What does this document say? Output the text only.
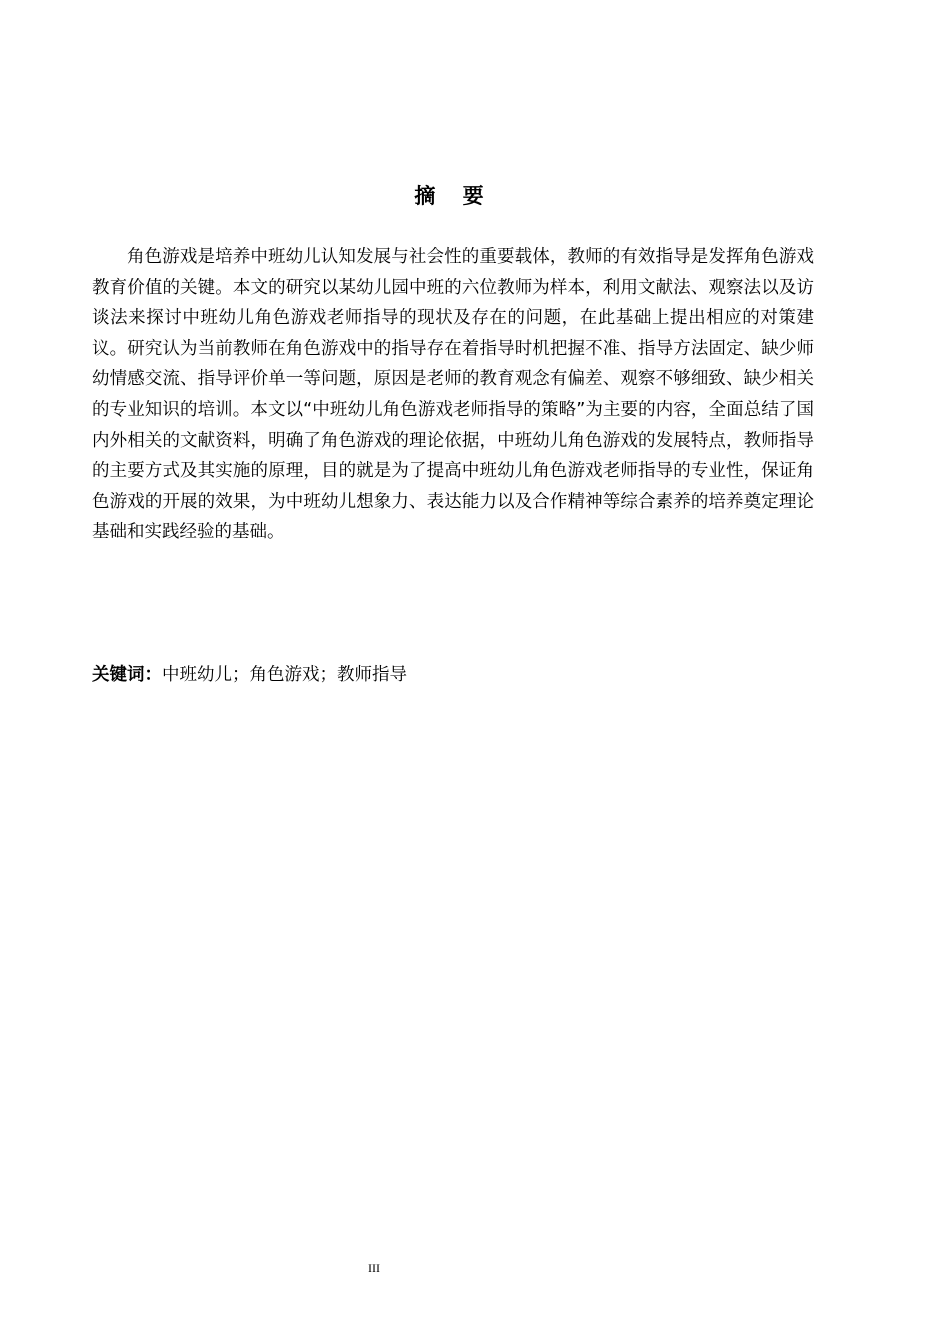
摘 要

角色游戏是培养中班幼儿认知发展与社会性的重要载体，教师的有效指导是发挥角色游戏教育价值的关键。本文的研究以某幼儿园中班的六位教师为样本，利用文献法、观察法以及访谈法来探讨中班幼儿角色游戏老师指导的现状及存在的问题，在此基础上提出相应的对策建议。研究认为当前教师在角色游戏中的指导存在着指导时机把握不准、指导方法固定、缺少师幼情感交流、指导评价单一等问题，原因是老师的教育观念有偏差、观察不够细致、缺少相关的专业知识的培训。本文以“中班幼儿角色游戏老师指导的策略”为主要的内容，全面总结了国内外相关的文献资料，明确了角色游戏的理论依据，中班幼儿角色游戏的发展特点，教师指导的主要方式及其实施的原理，目的就是为了提高中班幼儿角色游戏老师指导的专业性，保证角色游戏的开展的效果，为中班幼儿想象力、表达能力以及合作精神等综合素养的培养奠定理论基础和实践经验的基础。

关键词：中班幼儿；角色游戏；教师指导

III
